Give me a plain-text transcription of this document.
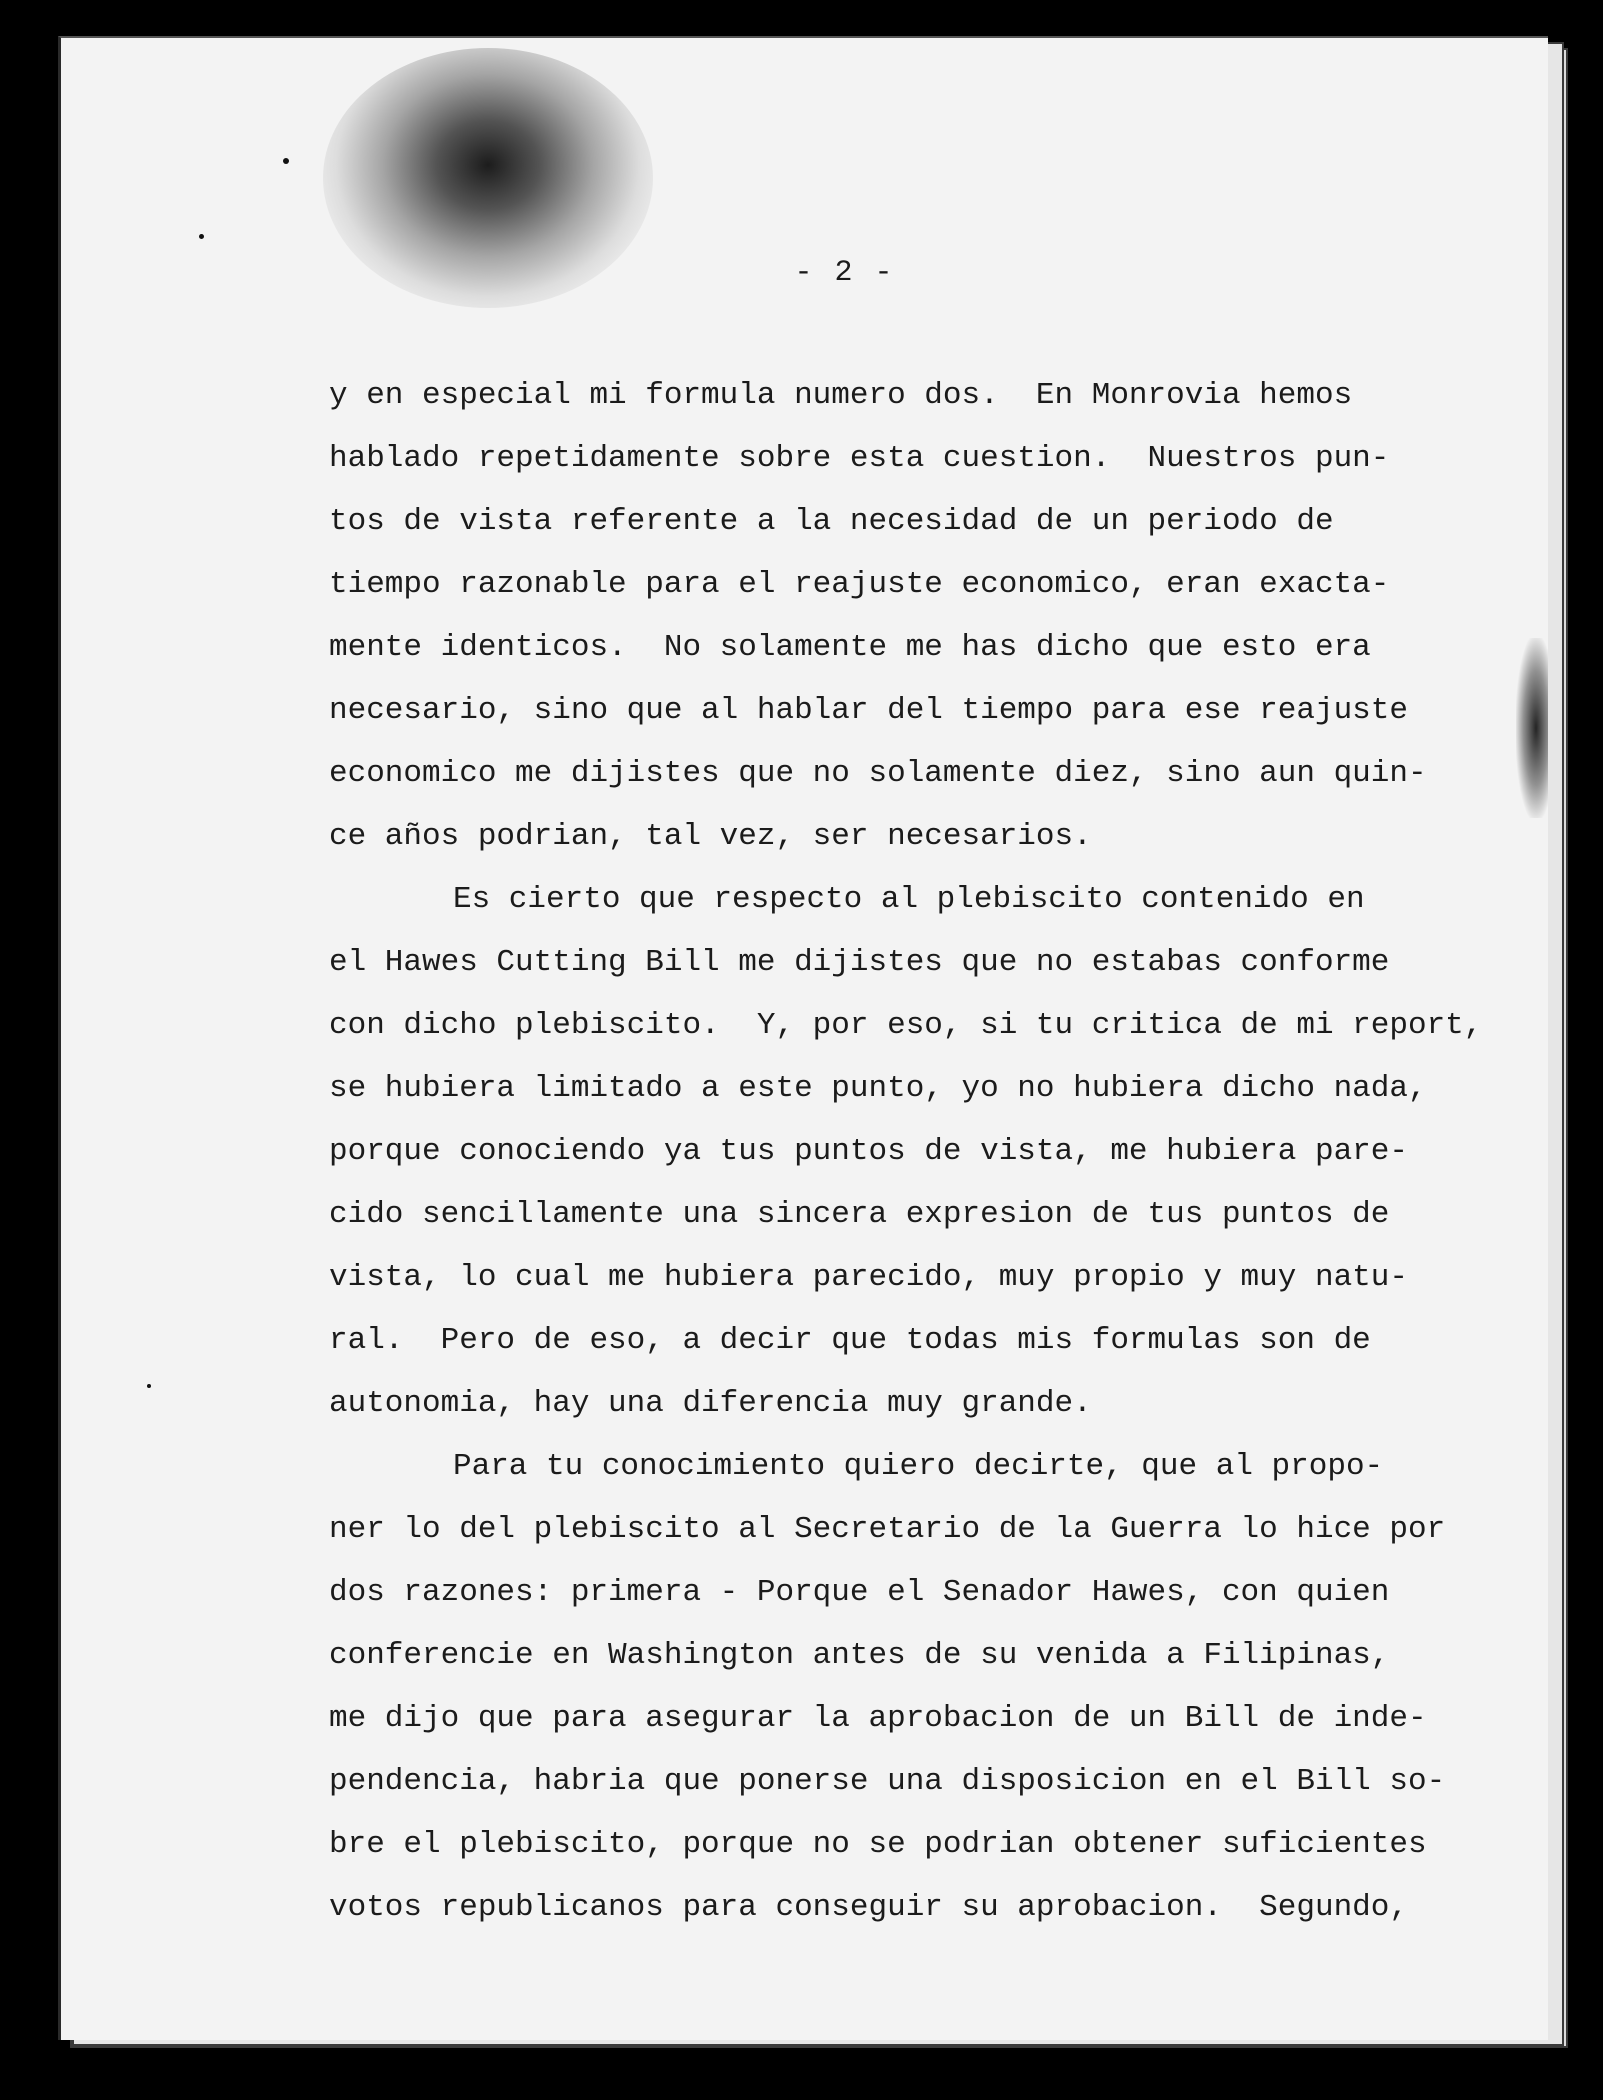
- 2 -
y en especial mi formula numero dos.  En Monrovia hemos
hablado repetidamente sobre esta cuestion.  Nuestros pun-
tos de vista referente a la necesidad de un periodo de
tiempo razonable para el reajuste economico, eran exacta-
mente identicos.  No solamente me has dicho que esto era
necesario, sino que al hablar del tiempo para ese reajuste
economico me dijistes que no solamente diez, sino aun quin-
ce años podrian, tal vez, ser necesarios.
Es cierto que respecto al plebiscito contenido en
el Hawes Cutting Bill me dijistes que no estabas conforme
con dicho plebiscito.  Y, por eso, si tu critica de mi report,
se hubiera limitado a este punto, yo no hubiera dicho nada,
porque conociendo ya tus puntos de vista, me hubiera pare-
cido sencillamente una sincera expresion de tus puntos de
vista, lo cual me hubiera parecido, muy propio y muy natu-
ral.  Pero de eso, a decir que todas mis formulas son de
autonomia, hay una diferencia muy grande.
Para tu conocimiento quiero decirte, que al propo-
ner lo del plebiscito al Secretario de la Guerra lo hice por
dos razones: primera - Porque el Senador Hawes, con quien
conferencie en Washington antes de su venida a Filipinas,
me dijo que para asegurar la aprobacion de un Bill de inde-
pendencia, habria que ponerse una disposicion en el Bill so-
bre el plebiscito, porque no se podrian obtener suficientes
votos republicanos para conseguir su aprobacion.  Segundo,
